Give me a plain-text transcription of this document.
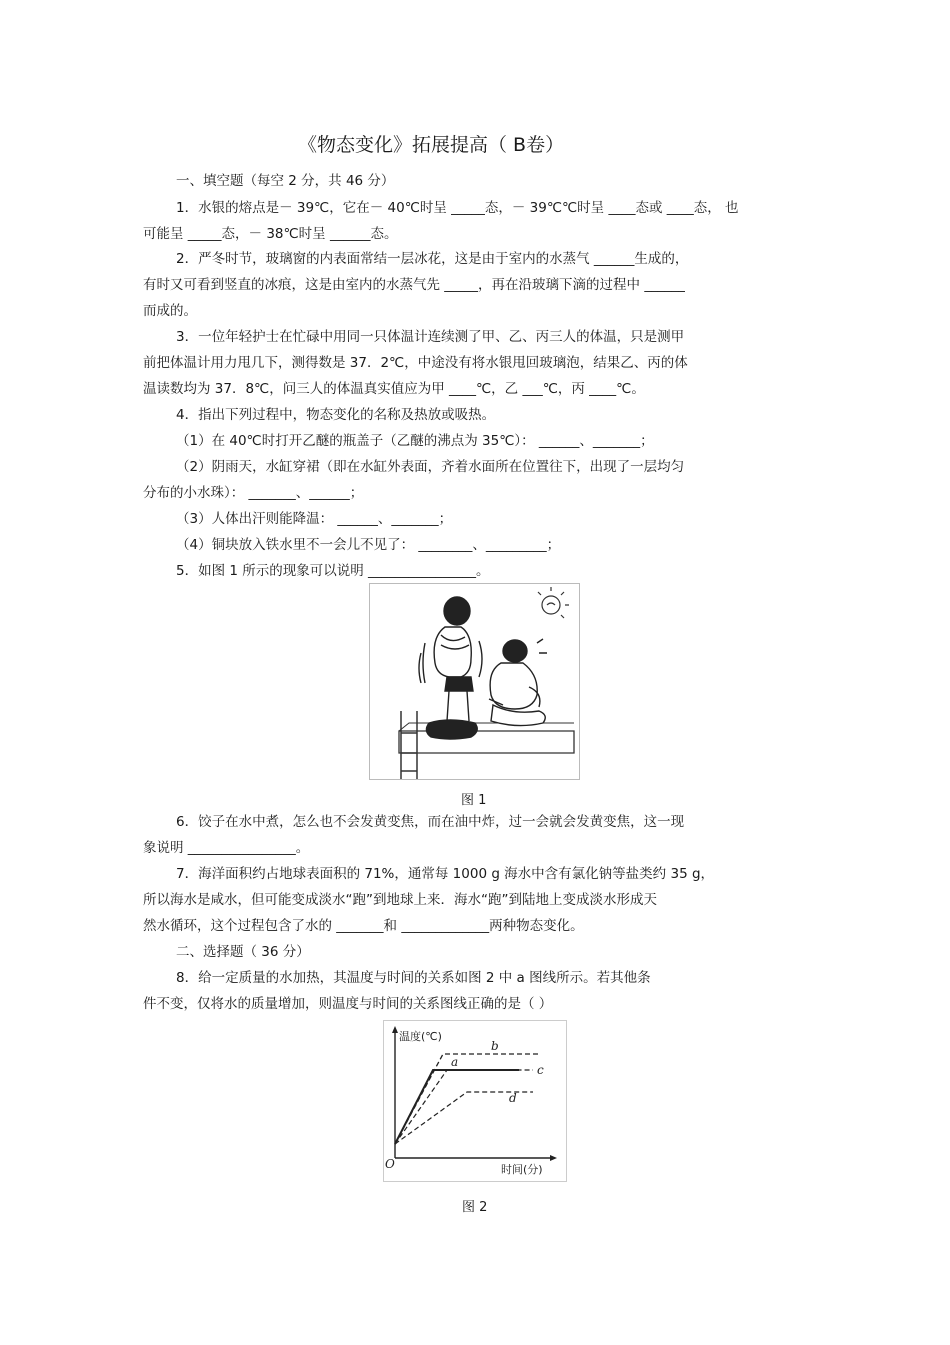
《物态变化》拓展提高（ B卷）
一、填空题（每空 2 分，共 46 分）
1．水银的熔点是－ 39℃，它在－ 40℃时呈 _____态，－ 39℃℃时呈 ____态或 ____态， 也
可能呈 _____态，－ 38℃时呈 ______态。
2．严冬时节，玻璃窗的内表面常结一层冰花，这是由于室内的水蒸气 ______生成的，
有时又可看到竖直的冰痕，这是由室内的水蒸气先 _____，再在沿玻璃下滴的过程中 ______
而成的。
3．一位年轻护士在忙碌中用同一只体温计连续测了甲、乙、丙三人的体温，只是测甲
前把体温计用力甩几下，测得数是 37．2℃，中途没有将水银甩回玻璃泡，结果乙、丙的体
温读数均为 37．8℃，问三人的体温真实值应为甲 ____℃，乙 ___℃，丙 ____℃。
4．指出下列过程中，物态变化的名称及热放或吸热。
（1）在 40℃时打开乙醚的瓶盖子（乙醚的沸点为 35℃）： ______、_______；
（2）阴雨天，水缸穿裙（即在水缸外表面，齐着水面所在位置往下，出现了一层均匀
分布的小水珠）： _______、______；
（3）人体出汗则能降温： ______、_______；
（4）铜块放入铁水里不一会儿不见了： ________、_________；
5．如图 1 所示的现象可以说明 ________________。
图 1
6．饺子在水中煮，怎么也不会发黄变焦，而在油中炸，过一会就会发黄变焦，这一现
象说明 ________________。
7．海洋面积约占地球表面积的 71%，通常每 1000 g 海水中含有氯化钠等盐类约 35 g，
所以海水是咸水，但可能变成淡水“跑”到地球上来．海水“跑”到陆地上变成淡水形成天
然水循环，这个过程包含了水的 _______和 _____________两种物态变化。
二、选择题（ 36 分）
8．给一定质量的水加热，其温度与时间的关系如图 2 中 a 图线所示。若其他条
件不变，仅将水的质量增加，则温度与时间的关系图线正确的是（ ）
温度(℃)
时间(分)
O
b
a
c
d
图 2
